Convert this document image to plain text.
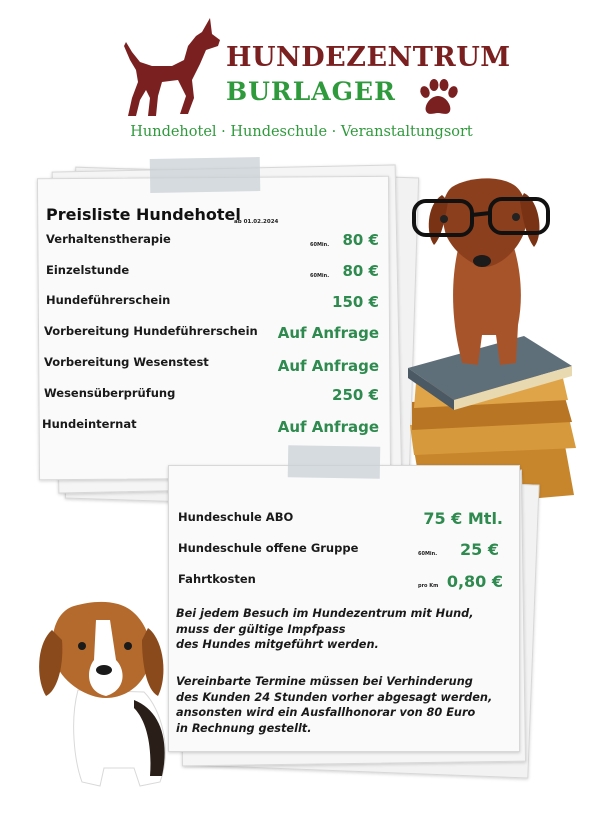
HUNDEZENTRUM
BURLAGER
Hundehotel · Hundeschule · Veranstaltungsort
Preisliste Hundehotel
ab 01.02.2024
Verhaltenstherapie	60Min. 80 €
Einzelstunde	60Min. 80 €
Hundeführerschein	150 €
Vorbereitung Hundeführerschein Auf Anfrage
Vorbereitung Wesenstest	Auf Anfrage
Wesensüberprüfung	250 €
Hundeinternat	Auf Anfrage
Hundeschule ABO	75 € Mtl.
Hundeschule offene Gruppe	60Min. 25 €
Fahrtkosten	pro Km 0,80 €
Bei jedem Besuch im Hundezentrum mit Hund,
muss der gültige Impfpass
des Hundes mitgeführt werden.
Vereinbarte Termine müssen bei Verhinderung
des Kunden 24 Stunden vorher abgesagt werden,
ansonsten wird ein Ausfallhonorar von 80 Euro
in Rechnung gestellt.
